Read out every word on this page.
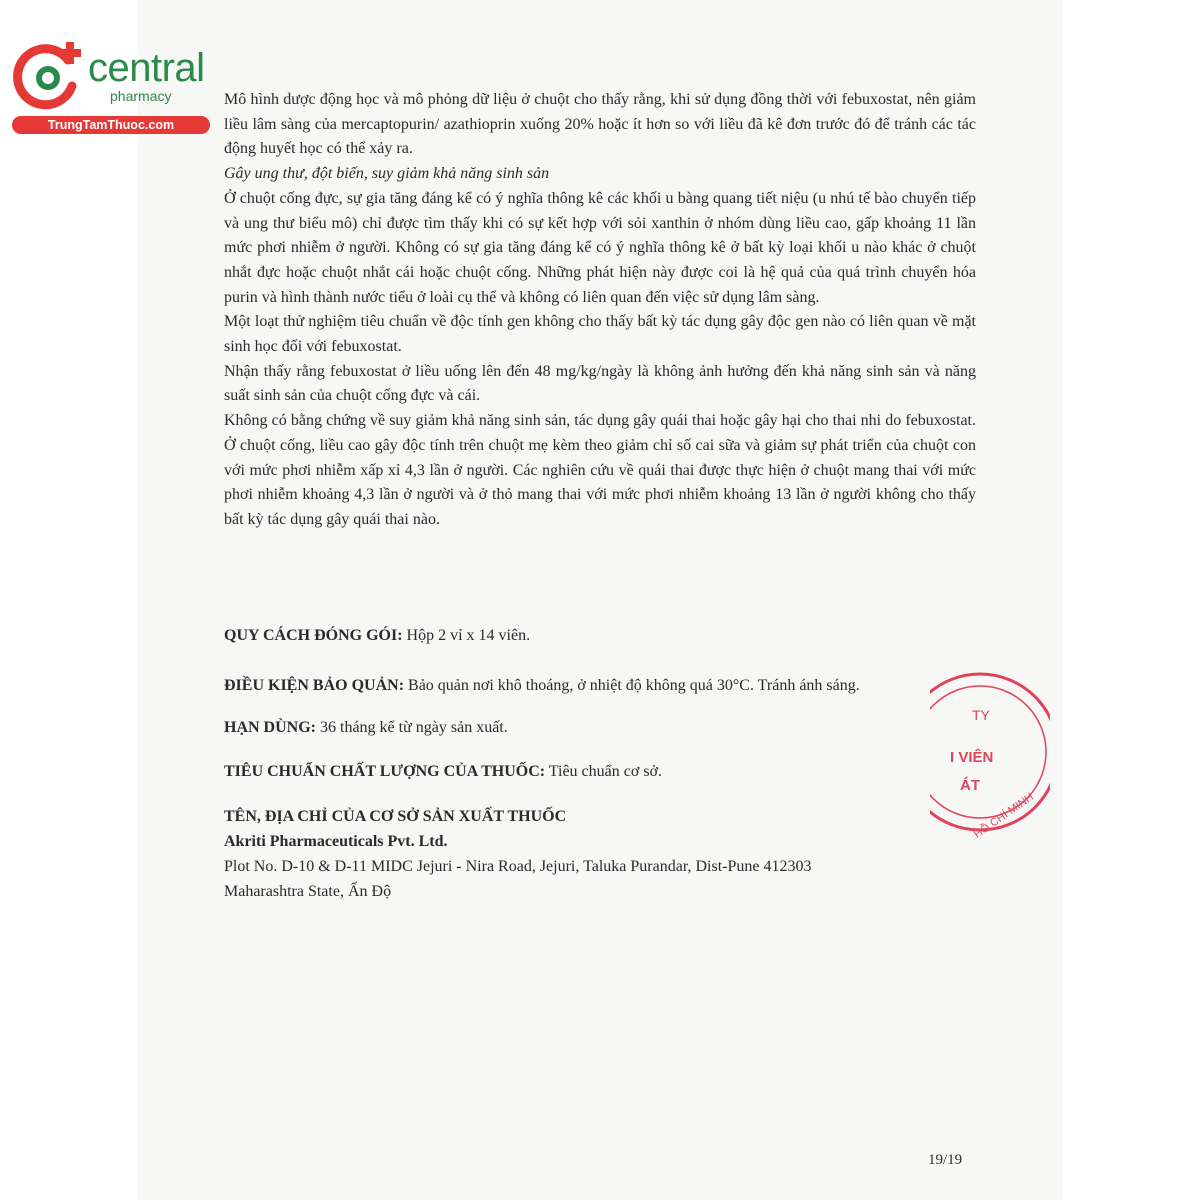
central
pharmacy
TrungTamThuoc.com

Mô hình dược động học và mô phỏng dữ liệu ở chuột cho thấy rằng, khi sử dụng đồng thời với febuxostat, nên giảm liều lâm sàng của mercaptopurin/ azathioprin xuống 20% hoặc ít hơn so với liều đã kê đơn trước đó để tránh các tác động huyết học có thể xảy ra.

Gây ung thư, đột biến, suy giảm khả năng sinh sản

Ở chuột cống đực, sự gia tăng đáng kể có ý nghĩa thông kê các khối u bàng quang tiết niệu (u nhú tế bào chuyển tiếp và ung thư biểu mô) chỉ được tìm thấy khi có sự kết hợp với sỏi xanthin ở nhóm dùng liều cao, gấp khoảng 11 lần mức phơi nhiễm ở người. Không có sự gia tăng đáng kể có ý nghĩa thông kê ở bất kỳ loại khối u nào khác ở chuột nhắt đực hoặc chuột nhắt cái hoặc chuột cống. Những phát hiện này được coi là hệ quả của quá trình chuyển hóa purin và hình thành nước tiểu ở loài cụ thể và không có liên quan đến việc sử dụng lâm sàng.

Một loạt thử nghiệm tiêu chuẩn về độc tính gen không cho thấy bất kỳ tác dụng gây độc gen nào có liên quan về mặt sinh học đối với febuxostat.

Nhận thấy rằng febuxostat ở liều uống lên đến 48 mg/kg/ngày là không ảnh hưởng đến khả năng sinh sản và năng suất sinh sản của chuột cống đực và cái.

Không có bằng chứng về suy giảm khả năng sinh sản, tác dụng gây quái thai hoặc gây hại cho thai nhi do febuxostat. Ở chuột cống, liều cao gây độc tính trên chuột mẹ kèm theo giảm chỉ số cai sữa và giảm sự phát triển của chuột con với mức phơi nhiễm xấp xỉ 4,3 lần ở người. Các nghiên cứu về quái thai được thực hiện ở chuột mang thai với mức phơi nhiễm khoảng 4,3 lần ở người và ở thỏ mang thai với mức phơi nhiễm khoảng 13 lần ở người không cho thấy bất kỳ tác dụng gây quái thai nào.

QUY CÁCH ĐÓNG GÓI: Hộp 2 vỉ x 14 viên.
ĐIỀU KIỆN BẢO QUẢN: Bảo quản nơi khô thoáng, ở nhiệt độ không quá 30°C. Tránh ánh sáng.
HẠN DÙNG: 36 tháng kể từ ngày sản xuất.
TIÊU CHUẨN CHẤT LƯỢNG CỦA THUỐC: Tiêu chuẩn cơ sở.
TÊN, ĐỊA CHỈ CỦA CƠ SỞ SẢN XUẤT THUỐC
Akriti Pharmaceuticals Pvt. Ltd.
Plot No. D-10 & D-11 MIDC Jejuri - Nira Road, Jejuri, Taluka Purandar, Dist-Pune 412303
Maharashtra State, Ấn Độ
TY
I VIÊN
ÁT
HỒ CHÍ MINH
19/19
